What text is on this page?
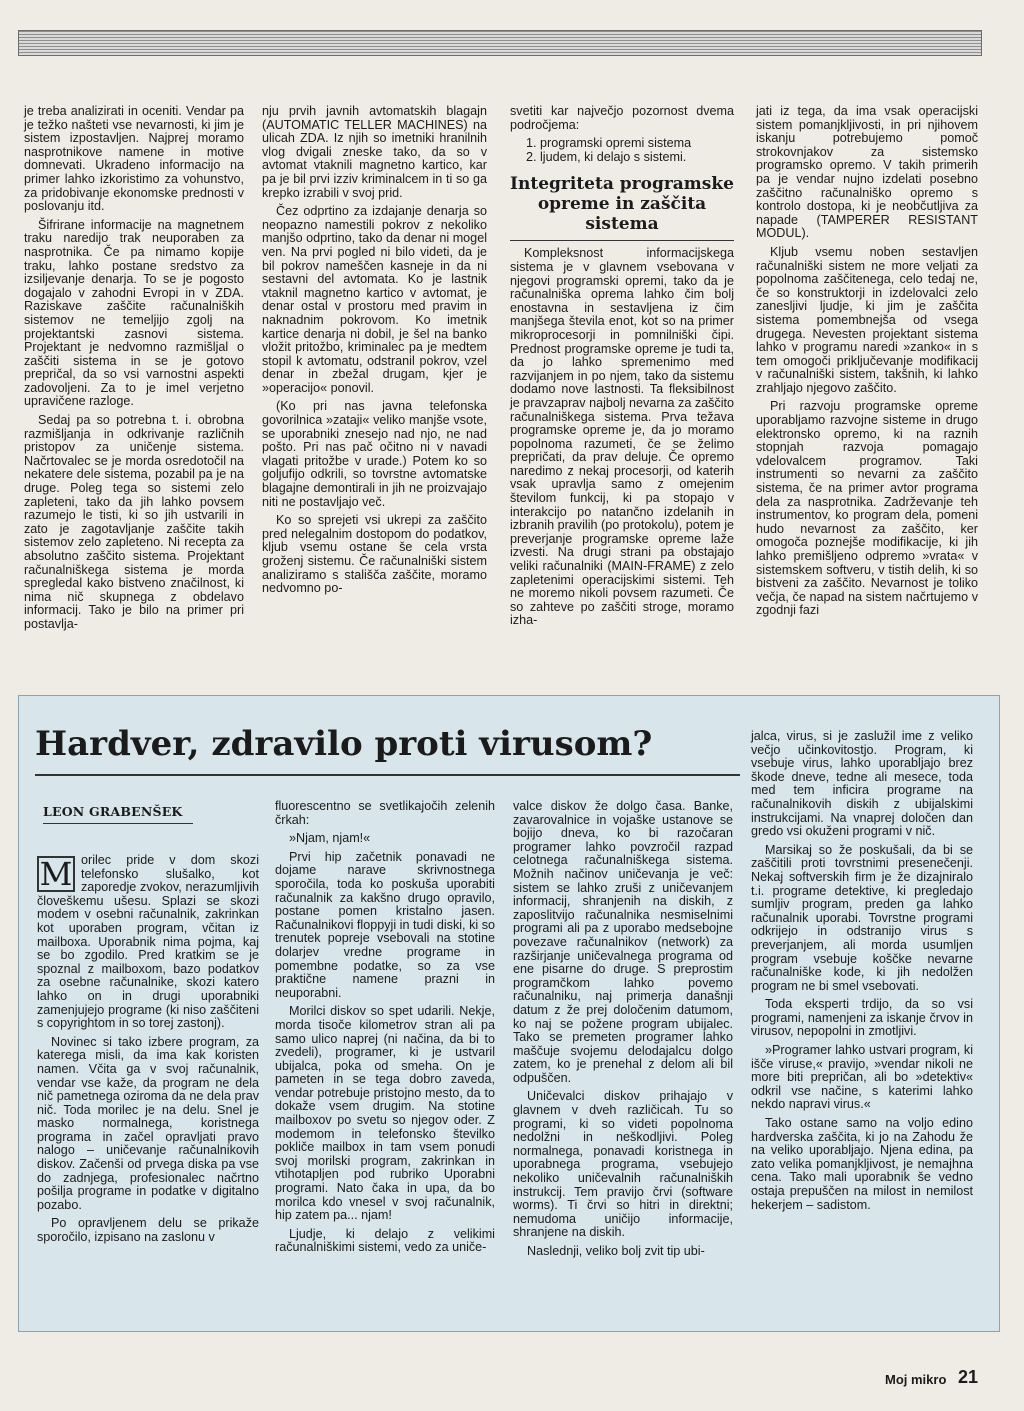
je treba analizirati in oceniti. Vendar pa je težko našteti vse nevarnosti, ki jim je sistem izpostavljen. Najprej moramo nasprotnikove namene in motive domnevati. Ukradeno informacijo na primer lahko izkoristimo za vohunstvo, za pridobivanje ekonomske prednosti v poslovanju itd.

Šifrirane informacije na magnetnem traku naredijo trak neuporaben za nasprotnika. Če pa nimamo kopije traku, lahko postane sredstvo za izsiljevanje denarja. To se je pogosto dogajalo v zahodni Evropi in v ZDA. Raziskave zaščite računalniških sistemov ne temeljijo zgolj na projektantski zasnovi sistema. Projektant je nedvomno razmišljal o zaščiti sistema in se je gotovo prepričal, da so vsi varnostni aspekti zadovoljeni. Za to je imel verjetno upravičene razloge.

Sedaj pa so potrebna t. i. obrobna razmišljanja in odkrivanje različnih pristopov za uničenje sistema. Načrtovalec se je morda osredotočil na nekatere dele sistema, pozabil pa je na druge. Poleg tega so sistemi zelo zapleteni, tako da jih lahko povsem razumejo le tisti, ki so jih ustvarili in zato je zagotavljanje zaščite takih sistemov zelo zapleteno. Ni recepta za absolutno zaščito sistema. Projektant računalniškega sistema je morda spregledal kako bistveno značilnost, ki nima nič skupnega z obdelavo informacij. Tako je bilo na primer pri postavlja-

nju prvih javnih avtomatskih blagajn (AUTOMATIC TELLER MACHINES) na ulicah ZDA. Iz njih so imetniki hranilnih vlog dvigali zneske tako, da so v avtomat vtaknili magnetno kartico, kar pa je bil prvi izziv kriminalcem in ti so ga krepko izrabili v svoj prid.

Čez odprtino za izdajanje denarja so neopazno namestili pokrov z nekoliko manjšo odprtino, tako da denar ni mogel ven. Na prvi pogled ni bilo videti, da je bil pokrov nameščen kasneje in da ni sestavni del avtomata. Ko je lastnik vtaknil magnetno kartico v avtomat, je denar ostal v prostoru med pravim in naknadnim pokrovom. Ko imetnik kartice denarja ni dobil, je šel na banko vložit pritožbo, kriminalec pa je medtem stopil k avtomatu, odstranil pokrov, vzel denar in zbežal drugam, kjer je »operacijo« ponovil.

(Ko pri nas javna telefonska govorilnica »zataji« veliko manjše vsote, se uporabniki znesejo nad njo, ne nad pošto. Pri nas pač očitno ni v navadi vlagati pritožbe v urade.) Potem ko so goljufijo odkrili, so tovrstne avtomatske blagajne demontirali in jih ne proizvajajo niti ne postavljajo več.

Ko so sprejeti vsi ukrepi za zaščito pred nelegalnim dostopom do podatkov, kljub vsemu ostane še cela vrsta groženj sistemu. Če računalniški sistem analiziramo s stališča zaščite, moramo nedvomno po-

svetiti kar največjo pozornost dvema področjema:

1. programski opremi sistema
2. ljudem, ki delajo s sistemi.
Integriteta programske opreme in zaščita sistema

Kompleksnost informacijskega sistema je v glavnem vsebovana v njegovi programski opremi, tako da je računalniška oprema lahko čim bolj enostavna in sestavljena iz čim manjšega števila enot, kot so na primer mikroprocesorji in pomnilniški čipi. Prednost programske opreme je tudi ta, da jo lahko spremenimo med razvijanjem in po njem, tako da sistemu dodamo nove lastnosti. Ta fleksibilnost je pravzaprav najbolj nevarna za zaščito računalniškega sistema. Prva težava programske opreme je, da jo moramo popolnoma razumeti, če se želimo prepričati, da prav deluje. Če opremo naredimo z nekaj procesorji, od katerih vsak upravlja samo z omejenim številom funkcij, ki pa stopajo v interakcijo po natančno izdelanih in izbranih pravilih (po protokolu), potem je preverjanje programske opreme laže izvesti. Na drugi strani pa obstajajo veliki računalniki (MAIN-FRAME) z zelo zapletenimi operacijskimi sistemi. Teh ne moremo nikoli povsem razumeti. Če so zahteve po zaščiti stroge, moramo izha-

jati iz tega, da ima vsak operacijski sistem pomanjkljivosti, in pri njihovem iskanju potrebujemo pomoč strokovnjakov za sistemsko programsko opremo. V takih primerih pa je vendar nujno izdelati posebno zaščitno računalniško opremo s kontrolo dostopa, ki je neobčutljiva za napade (TAMPERER RESISTANT MODUL).

Kljub vsemu noben sestavljen računalniški sistem ne more veljati za popolnoma zaščitenega, celo tedaj ne, če so konstruktorji in izdelovalci zelo zanesljivi ljudje, ki jim je zaščita sistema pomembnejša od vsega drugega. Nevesten projektant sistema lahko v programu naredi »zanko« in s tem omogoči priključevanje modifikacij v računalniški sistem, takšnih, ki lahko zrahljajo njegovo zaščito.

Pri razvoju programske opreme uporabljamo razvojne sisteme in drugo elektronsko opremo, ki na raznih stopnjah razvoja pomagajo vdelovalcem programov. Taki instrumenti so nevarni za zaščito sistema, če na primer avtor programa dela za nasprotnika. Zadrževanje teh instrumentov, ko program dela, pomeni hudo nevarnost za zaščito, ker omogoča poznejše modifikacije, ki jih lahko premišljeno odpremo »vrata« v sistemskem softveru, v tistih delih, ki so bistveni za zaščito. Nevarnost je toliko večja, če napad na sistem načrtujemo v zgodnji fazi

Hardver, zdravilo proti virusom?
LEON GRABENŠEK

M orilec pride v dom skozi telefonsko slušalko, kot zaporedje zvokov, nerazumljivih človeškemu ušesu. Splazi se skozi modem v osebni računalnik, zakrinkan kot uporaben program, včitan iz mailboxa. Uporabnik nima pojma, kaj se bo zgodilo. Pred kratkim se je spoznal z mailboxom, bazo podatkov za osebne računalnike, skozi katero lahko on in drugi uporabniki zamenjujejo programe (ki niso zaščiteni s copyrightom in so torej zastonj).

Novinec si tako izbere program, za katerega misli, da ima kak koristen namen. Včita ga v svoj računalnik, vendar vse kaže, da program ne dela nič pametnega oziroma da ne dela prav nič. Toda morilec je na delu. Snel je masko normalnega, koristnega programa in začel opravljati pravo nalogo – uničevanje računalnikovih diskov. Začenši od prvega diska pa vse do zadnjega, profesionalec načrtno pošilja programe in podatke v digitalno pozabo.

Po opravljenem delu se prikaže sporočilo, izpisano na zaslonu v

fluorescentno se svetlikajočih zelenih črkah:

»Njam, njam!«

Prvi hip začetnik ponavadi ne dojame narave skrivnostnega sporočila, toda ko poskuša uporabiti računalnik za kakšno drugo opravilo, postane pomen kristalno jasen. Računalnikovi floppyji in tudi diski, ki so trenutek popreje vsebovali na stotine dolarjev vredne programe in pomembne podatke, so za vse praktične namene prazni in neuporabni.

Morilci diskov so spet udarili. Nekje, morda tisoče kilometrov stran ali pa samo ulico naprej (ni načina, da bi to zvedeli), programer, ki je ustvaril ubijalca, poka od smeha. On je pameten in se tega dobro zaveda, vendar potrebuje pristojno mesto, da to dokaže vsem drugim. Na stotine mailboxov po svetu so njegov oder. Z modemom in telefonsko številko pokliče mailbox in tam vsem ponudi svoj morilski program, zakrinkan in vtihotapljen pod rubriko Uporabni programi. Nato čaka in upa, da bo morilca kdo vnesel v svoj računalnik, hip zatem pa... njam!

Ljudje, ki delajo z velikimi računalniškimi sistemi, vedo za uniče-

valce diskov že dolgo časa. Banke, zavarovalnice in vojaške ustanove se bojijo dneva, ko bi razočaran programer lahko povzročil razpad celotnega računalniškega sistema. Možnih načinov uničevanja je več: sistem se lahko zruši z uničevanjem informacij, shranjenih na diskih, z zaposlitvijo računalnika nesmiselnimi programi ali pa z uporabo medsebojne povezave računalnikov (network) za razširjanje uničevalnega programa od ene pisarne do druge. S preprostim programčkom lahko povemo računalniku, naj primerja današnji datum z že prej določenim datumom, ko naj se požene program ubijalec. Tako se premeten programer lahko maščuje svojemu delodajalcu dolgo zatem, ko je prenehal z delom ali bil odpuščen.

Uničevalci diskov prihajajo v glavnem v dveh različicah. Tu so programi, ki so videti popolnoma nedolžni in neškodljivi. Poleg normalnega, ponavadi koristnega in uporabnega programa, vsebujejo nekoliko uničevalnih računalniških instrukcij. Tem pravijo črvi (software worms). Ti črvi so hitri in direktni; nemudoma uničijo informacije, shranjene na diskih.

Naslednji, veliko bolj zvit tip ubi-

jalca, virus, si je zaslužil ime z veliko večjo učinkovitostjo. Program, ki vsebuje virus, lahko uporabljajo brez škode dneve, tedne ali mesece, toda med tem inficira programe na računalnikovih diskih z ubijalskimi instrukcijami. Na vnaprej določen dan gredo vsi okuženi programi v nič.

Marsikaj so že poskušali, da bi se zaščitili proti tovrstnimi presenečenji. Nekaj softverskih firm je že dizajniralo t.i. programe detektive, ki pregledajo sumljiv program, preden ga lahko računalnik uporabi. Tovrstne programi odkrijejo in odstranijo virus s preverjanjem, ali morda usumljen program vsebuje koščke nevarne računalniške kode, ki jih nedolžen program ne bi smel vsebovati.

Toda eksperti trdijo, da so vsi programi, namenjeni za iskanje črvov in virusov, nepopolni in zmotljivi.

»Programer lahko ustvari program, ki išče viruse,« pravijo, »vendar nikoli ne more biti prepričan, ali bo »detektiv« odkril vse načine, s katerimi lahko nekdo napravi virus.«

Tako ostane samo na voljo edino hardverska zaščita, ki jo na Zahodu že na veliko uporabljajo. Njena edina, pa zato velika pomanjkljivost, je nemajhna cena. Tako mali uporabnik še vedno ostaja prepuščen na milost in nemilost hekerjem – sadistom.

Moj mikro 21
